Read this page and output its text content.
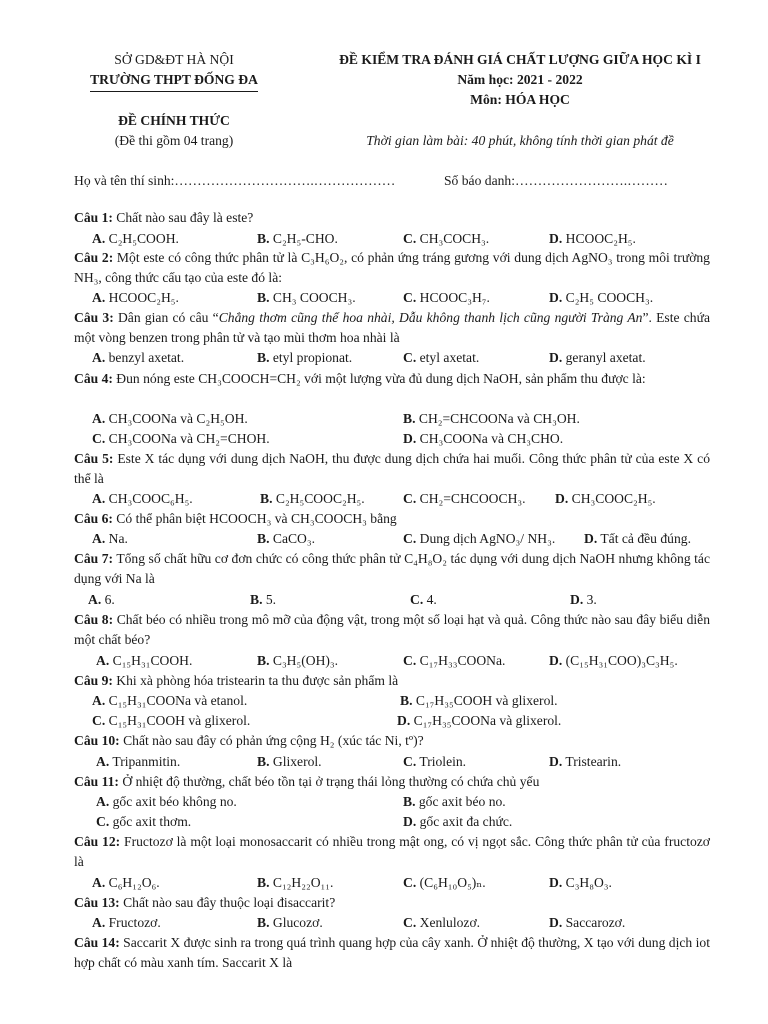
SỞ GD&ĐT HÀ NỘI
TRƯỜNG THPT ĐỐNG ĐA
ĐỀ CHÍNH THỨC
(Đề thi gồm 04 trang)
ĐỀ KIỂM TRA ĐÁNH GIÁ CHẤT LƯỢNG GIỮA HỌC KÌ I
Năm học: 2021 - 2022
Môn: HÓA HỌC
Thời gian làm bài: 40 phút, không tính thời gian phát đề
Họ và tên thí sinh:………………………….………………	Số báo danh:…………………….………
Câu 1: Chất nào sau đây là este?
A. C₂H₅COOH.	B. C₂H₅-CHO.	C. CH₃COCH₃.	D. HCOOC₂H₅.
Câu 2: Một este có công thức phân tử là C₃H₆O₂, có phản ứng tráng gương với dung dịch AgNO₃ trong môi trường NH₃, công thức cấu tạo của este đó là:
A. HCOOC₂H₅.	B. CH₃ COOCH₃.	C. HCOOC₃H₇.	D. C₂H₅ COOCH₃.
Câu 3: Dân gian có câu “Chẳng thơm cũng thể hoa nhài, Dẫu không thanh lịch cũng người Tràng An”. Este chứa một vòng benzen trong phân tử và tạo mùi thơm hoa nhài là
A. benzyl axetat.	B. etyl propionat.	C. etyl axetat.	D. geranyl axetat.
Câu 4: Đun nóng este CH₃COOCH=CH₂ với một lượng vừa đủ dung dịch NaOH, sản phẩm thu được là:
A. CH₃COONa và C₂H₅OH.	B. CH₂=CHCOONa và CH₃OH.
C. CH₃COONa và CH₂=CHOH.	D. CH₃COONa và CH₃CHO.
Câu 5: Este X tác dụng với dung dịch NaOH, thu được dung dịch chứa hai muối. Công thức phân tử của este X có thể là
A. CH₃COOC₆H₅.	B. C₂H₅COOC₂H₅.	C. CH₂=CHCOOCH₃. D. CH₃COOC₂H₅.
Câu 6: Có thể phân biệt HCOOCH₃ và CH₃COOCH₃ bằng
A. Na.	B. CaCO₃.	C. Dung dịch AgNO₃/ NH₃. D. Tất cả đều đúng.
Câu 7: Tổng số chất hữu cơ đơn chức có công thức phân tử C₄H₈O₂ tác dụng với dung dịch NaOH nhưng không tác dụng với Na là
A. 6.	B. 5.	C. 4.	D. 3.
Câu 8: Chất béo có nhiều trong mô mỡ của động vật, trong một số loại hạt và quả. Công thức nào sau đây biểu diễn một chất béo?
A. C₁₅H₃₁COOH.	B. C₃H₅(OH)₃.	C. C₁₇H₃₃COONa.	D. (C₁₅H₃₁COO)₃C₃H₅.
Câu 9: Khi xà phòng hóa tristearin ta thu được sản phẩm là
A. C₁₅H₃₁COONa và etanol.	B. C₁₇H₃₅COOH và glixerol.
C. C₁₅H₃₁COOH và glixerol.	D. C₁₇H₃₅COONa và glixerol.
Câu 10: Chất nào sau đây có phản ứng cộng H₂ (xúc tác Ni, tº)?
A. Tripanmitin.	B. Glixerol.	C. Triolein.	D. Tristearin.
Câu 11: Ở nhiệt độ thường, chất béo tồn tại ở trạng thái lỏng thường có chứa chủ yếu
A. gốc axit béo không no.	B. gốc axit béo no.
C. gốc axit thơm.	D. gốc axit đa chức.
Câu 12: Fructozơ là một loại monosaccarit có nhiều trong mật ong, có vị ngọt sắc. Công thức phân tử của fructozơ là
A. C₆H₁₂O₆.	B. C₁₂H₂₂O₁₁.	C. (C₆H₁₀O₅)ₙ.	D. C₃H₈O₃.
Câu 13: Chất nào sau đây thuộc loại đisaccarit?
A. Fructozơ.	B. Glucozơ.	C. Xenlulozơ.	D. Saccarozơ.
Câu 14: Saccarit X được sinh ra trong quá trình quang hợp của cây xanh. Ở nhiệt độ thường, X tạo với dung dịch iot hợp chất có màu xanh tím. Saccarit X là
